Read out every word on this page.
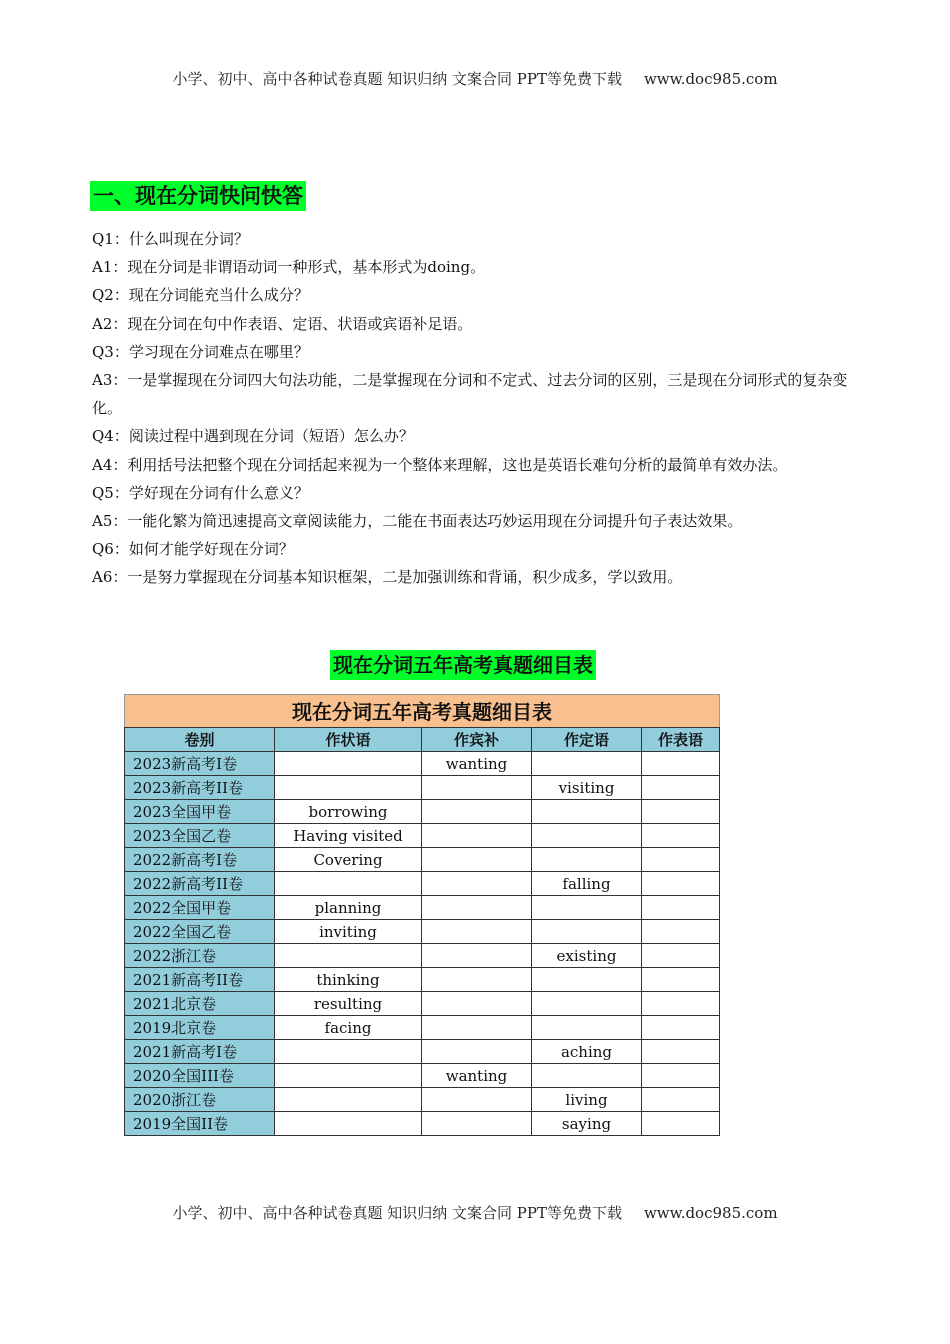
小学、初中、高中各种试卷真题 知识归纳 文案合同 PPT等免费下载 www.doc985.com
一、现在分词快问快答

Q1：什么叫现在分词？

A1：现在分词是非谓语动词一种形式，基本形式为doing。

Q2：现在分词能充当什么成分？

A2：现在分词在句中作表语、定语、状语或宾语补足语。

Q3：学习现在分词难点在哪里？

A3：一是掌握现在分词四大句法功能，二是掌握现在分词和不定式、过去分词的区别，三是现在分词形式的复杂变化。

Q4：阅读过程中遇到现在分词（短语）怎么办？

A4：利用括号法把整个现在分词括起来视为一个整体来理解，这也是英语长难句分析的最简单有效办法。

Q5：学好现在分词有什么意义？

A5：一能化繁为简迅速提高文章阅读能力，二能在书面表达巧妙运用现在分词提升句子表达效果。

Q6：如何才能学好现在分词？

A6：一是努力掌握现在分词基本知识框架，二是加强训练和背诵，积少成多，学以致用。

现在分词五年高考真题细目表
现在分词五年高考真题细目表
卷别	作状语	作宾补	作定语	作表语
2023新高考I卷		wanting		
2023新高考II卷			visiting	
2023全国甲卷	borrowing			
2023全国乙卷	Having visited			
2022新高考I卷	Covering			
2022新高考II卷			falling	
2022全国甲卷	planning			
2022全国乙卷	inviting			
2022浙江卷			existing	
2021新高考II卷	thinking			
2021北京卷	resulting			
2019北京卷	facing			
2021新高考I卷			aching	
2020全国III卷		wanting		
2020浙江卷			living	
2019全国II卷			saying	
小学、初中、高中各种试卷真题 知识归纳 文案合同 PPT等免费下载 www.doc985.com
